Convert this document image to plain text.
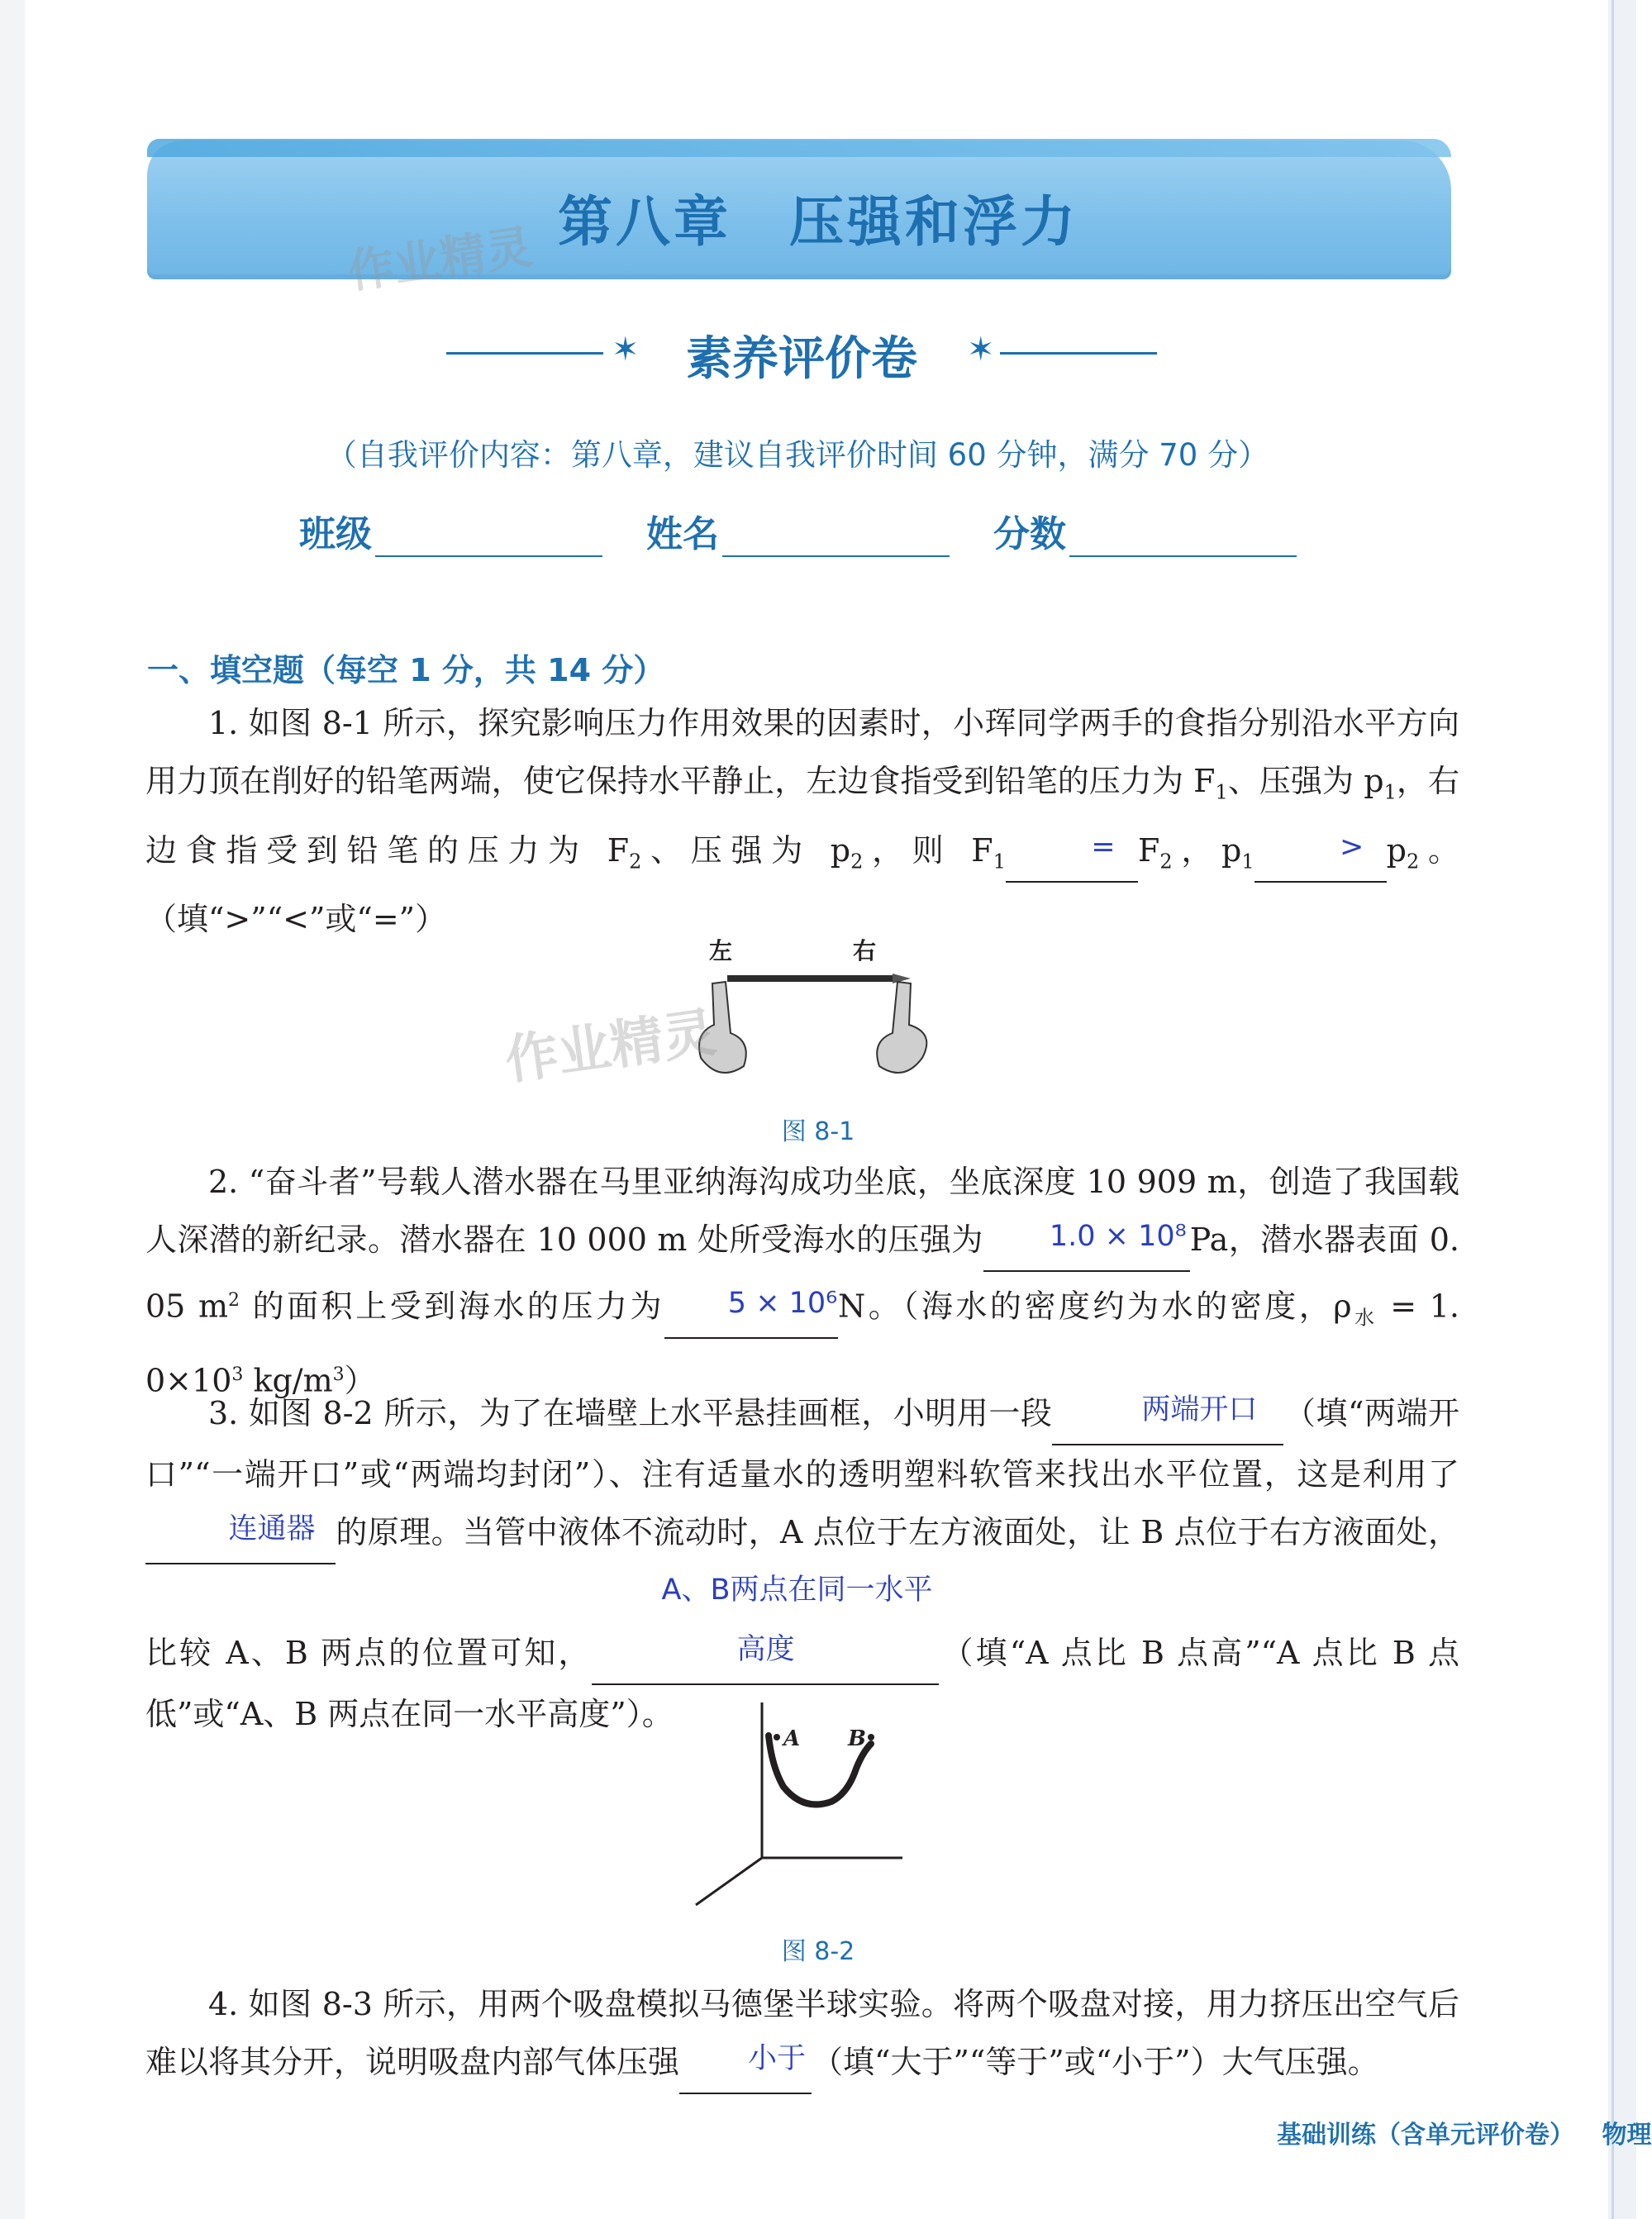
第八章　压强和浮力
作业精灵
✶	素养评价卷	✶
（自我评价内容：第八章，建议自我评价时间 60 分钟，满分 70 分）
班级	姓名	分数
一、填空题（每空 1 分，共 14 分）
1. 如图 8-1 所示，探究影响压力作用效果的因素时，小珲同学两手的食指分别沿水平方向用力顶在削好的铅笔两端，使它保持水平静止，左边食指受到铅笔的压力为 $F_1$、压强为 $p_1$，右边食指受到铅笔的压力为 $F_2$、压强为 $p_2$，则 $F_1$	= $F_2$，$p_1$	> $p_2$。（填“>”“<”或“=”）
左	右
作业精灵
图 8-1
2. “奋斗者”号载人潜水器在马里亚纳海沟成功坐底，坐底深度 10 909 m，创造了我国载人深潜的新纪录。潜水器在 10 000 m 处所受海水的压强为 1.0 × 10⁸ Pa，潜水器表面 0. 05 $m^2$ 的面积上受到海水的压力为 5 × 10⁶N。（海水的密度约为水的密度，$\rho_水 = 1$. $0\times 10^3$ $kg/m^3$）
3. 如图 8-2 所示，为了在墙壁上水平悬挂画框，小明用一段	两端开口 （填“两端开口”“一端开口”或“两端均封闭”）、注有适量水的透明塑料软管来找出水平位置，这是利用了连通器 的原理。当管中液体不流动时，A 点位于左方液面处，让 B 点位于右方液面处，比较 A、B 两点的位置可知，A、B两点在同一水平高度	（填“A 点比 B 点高”“A 点比 B 点低”或“A、B 两点在同一水平高度”）。
A B
图 8-2
4. 如图 8-3 所示，用两个吸盘模拟马德堡半球实验。将两个吸盘对接，用力挤压出空气后难以将其分开，说明吸盘内部气体压强 小于 （填“大于”“等于”或“小于”）大气压强。
基础训练（含单元评价卷） 物理
